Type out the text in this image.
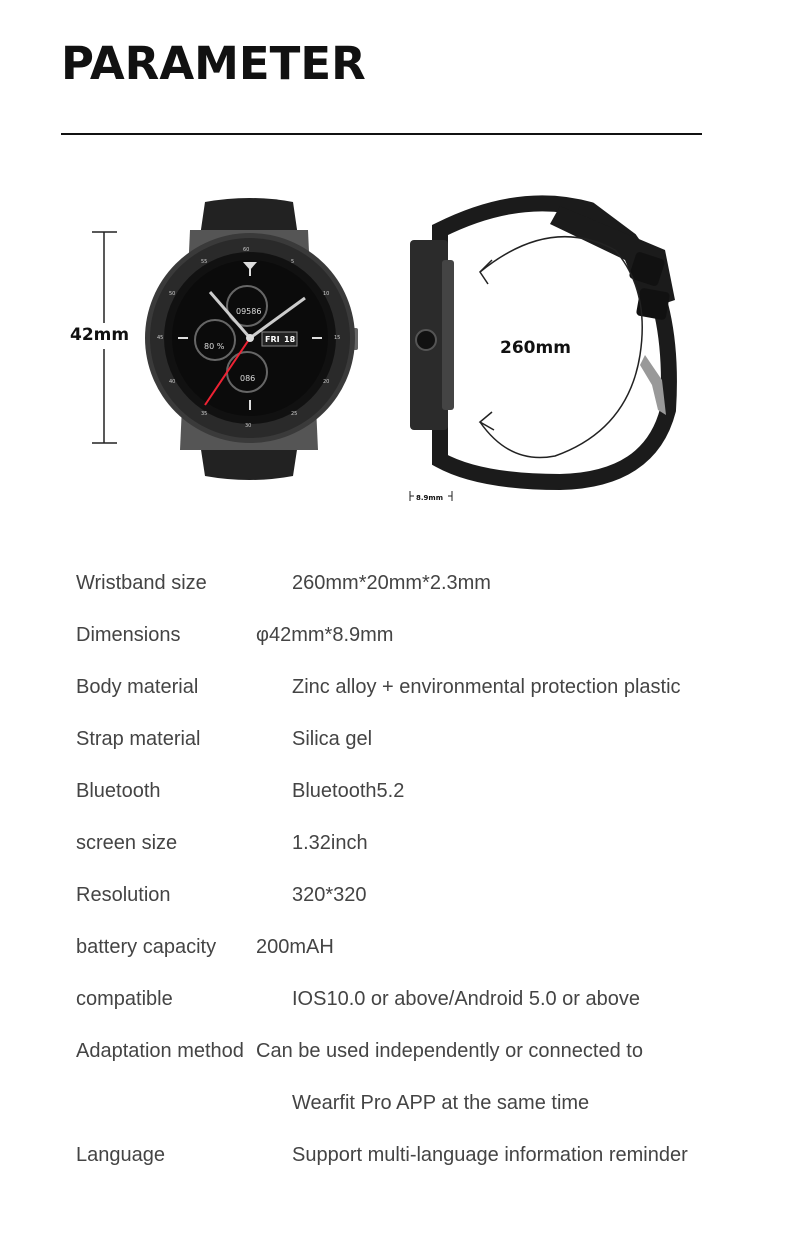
PARAMETER
42mm
09586
80 %
086
FRI 18
60
5
10
15
20
25
30
35
40
45
50
55
260mm
8.9mm
Wristband size	260mm*20mm*2.3mm
Dimensions	φ42mm*8.9mm
Body material	Zinc alloy + environmental protection plastic
Strap material	Silica gel
Bluetooth	Bluetooth5.2
screen size	1.32inch
Resolution	320*320
battery capacity 200mAH
compatible	IOS10.0 or above/Android 5.0 or above
Adaptation method Can be used independently or connected to
Wearfit Pro APP at the same time
Language	Support multi-language information reminder
